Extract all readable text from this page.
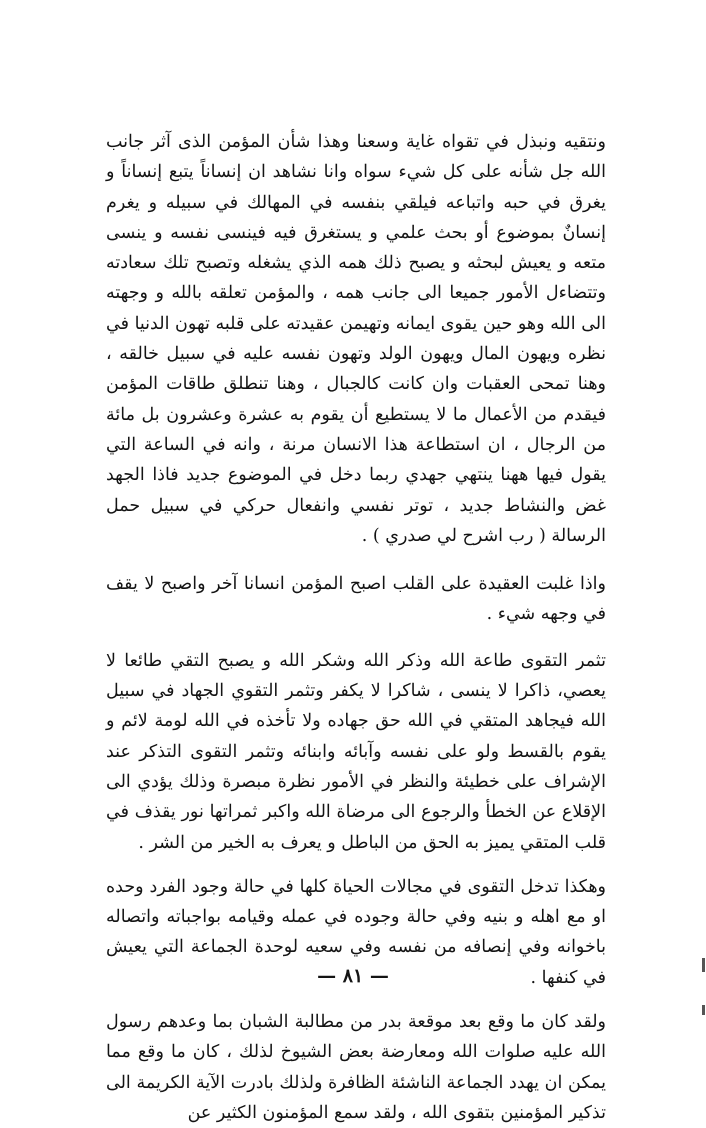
ونتقيه ونبذل في تقواه غاية وسعنا وهذا شأن المؤمن الذى آثر جانب الله جل شأنه على كل شيء سواه وانا نشاهد ان إنساناً يتبع إنساناً و يغرق في حبه واتباعه فيلقي بنفسه في المهالك في سبيله و يغرم إنسانٌ بموضوع أو بحث علمي و يستغرق فيه فينسى نفسه و ينسى متعه و يعيش لبحثه و يصبح ذلك همه الذي يشغله وتصبح تلك سعادته وتتضاءل الأمور جميعا الى جانب همه ، والمؤمن تعلقه بالله و وجهته الى الله وهو حين يقوى ايمانه وتهيمن عقيدته على قلبه تهون الدنيا في نظره ويهون المال ويهون الولد وتهون نفسه عليه في سبيل خالقه ، وهنا تمحى العقبات وان كانت كالجبال ، وهنا تنطلق طاقات المؤمن فيقدم من الأعمال ما لا يستطيع أن يقوم به عشرة وعشرون بل مائة من الرجال ، ان استطاعة هذا الانسان مرنة ، وانه في الساعة التي يقول فيها ههنا ينتهي جهدي ربما دخل في الموضوع جديد فاذا الجهد غض والنشاط جديد ، توتر نفسي وانفعال حركي في سبيل حمل الرسالة ( رب اشرح لي صدري ) .

واذا غلبت العقيدة على القلب اصبح المؤمن انسانا آخر واصبح لا يقف في وجهه شيء .

تثمر التقوى طاعة الله وذكر الله وشكر الله و يصبح التقي طائعا لا يعصي، ذاكرا لا ينسى ، شاكرا لا يكفر وتثمر التقوي الجهاد في سبيل الله فيجاهد المتقي في الله حق جهاده ولا تأخذه في الله لومة لائم و يقوم بالقسط ولو على نفسه وآبائه وابنائه وتثمر التقوى التذكر عند الإشراف على خطيئة والنظر في الأمور نظرة مبصرة وذلك يؤدي الى الإقلاع عن الخطأ والرجوع الى مرضاة الله واكبر ثمراتها نور يقذف في قلب المتقي يميز به الحق من الباطل و يعرف به الخير من الشر .

وهكذا تدخل التقوى في مجالات الحياة كلها في حالة وجود الفرد وحده او مع اهله و بنيه وفي حالة وجوده في عمله وقيامه بواجباته واتصاله باخوانه وفي إنصافه من نفسه وفي سعيه لوحدة الجماعة التي يعيش في كنفها .

ولقد كان ما وقع بعد موقعة بدر من مطالبة الشبان بما وعدهم رسول الله عليه صلوات الله ومعارضة بعض الشيوخ لذلك ، كان ما وقع مما يمكن ان يهدد الجماعة الناشئة الظافرة ولذلك بادرت الآية الكريمة الى تذكير المؤمنين بتقوى الله ، ولقد سمع المؤمنون الكثير عن

— ٨١ —
